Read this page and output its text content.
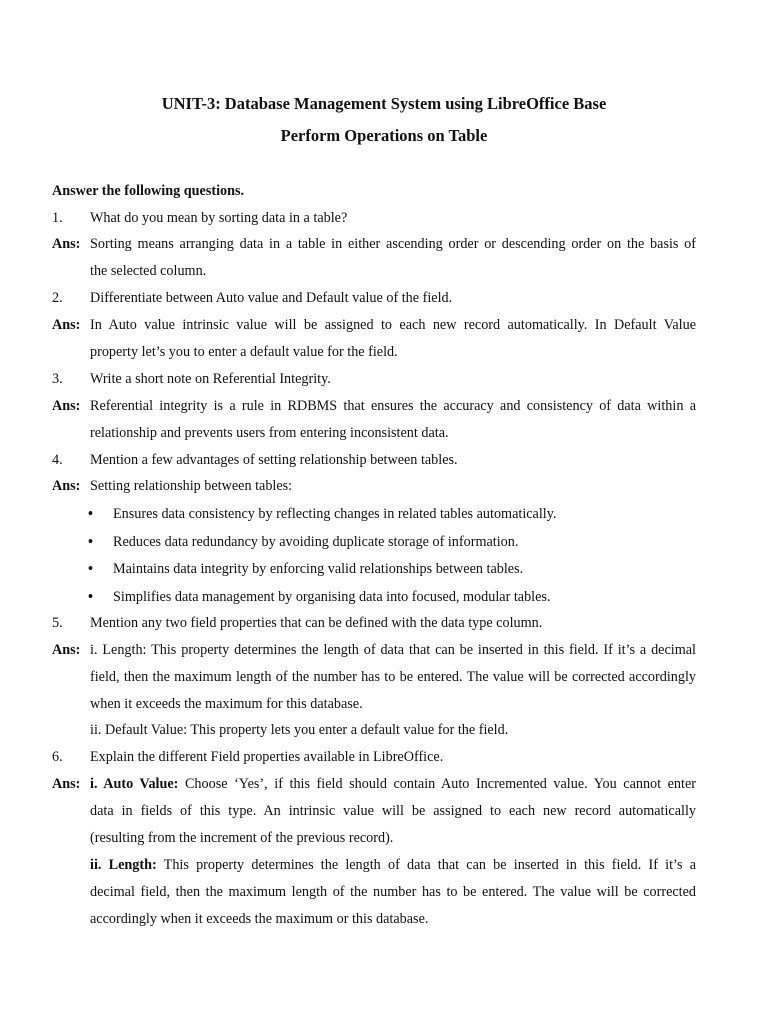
UNIT-3: Database Management System using LibreOffice Base
Perform Operations on Table
Answer the following questions.
1. What do you mean by sorting data in a table?
Ans: Sorting means arranging data in a table in either ascending order or descending order on the basis of
the selected column.
2. Differentiate between Auto value and Default value of the field.
Ans: In Auto value intrinsic value will be assigned to each new record automatically. In Default Value
property let’s you to enter a default value for the field.
3. Write a short note on Referential Integrity.
Ans: Referential integrity is a rule in RDBMS that ensures the accuracy and consistency of data within a
relationship and prevents users from entering inconsistent data.
4. Mention a few advantages of setting relationship between tables.
Ans: Setting relationship between tables:
• Ensures data consistency by reflecting changes in related tables automatically.
• Reduces data redundancy by avoiding duplicate storage of information.
• Maintains data integrity by enforcing valid relationships between tables.
• Simplifies data management by organising data into focused, modular tables.
5. Mention any two field properties that can be defined with the data type column.
Ans: i. Length: This property determines the length of data that can be inserted in this field. If it’s a decimal
field, then the maximum length of the number has to be entered. The value will be corrected accordingly
when it exceeds the maximum for this database.
ii. Default Value: This property lets you enter a default value for the field.
6. Explain the different Field properties available in LibreOffice.
Ans: i. Auto Value: Choose ‘Yes’, if this field should contain Auto Incremented value. You cannot enter
data in fields of this type. An intrinsic value will be assigned to each new record automatically
(resulting from the increment of the previous record).
ii. Length: This property determines the length of data that can be inserted in this field. If it’s a
decimal field, then the maximum length of the number has to be entered. The value will be corrected
accordingly when it exceeds the maximum or this database.
